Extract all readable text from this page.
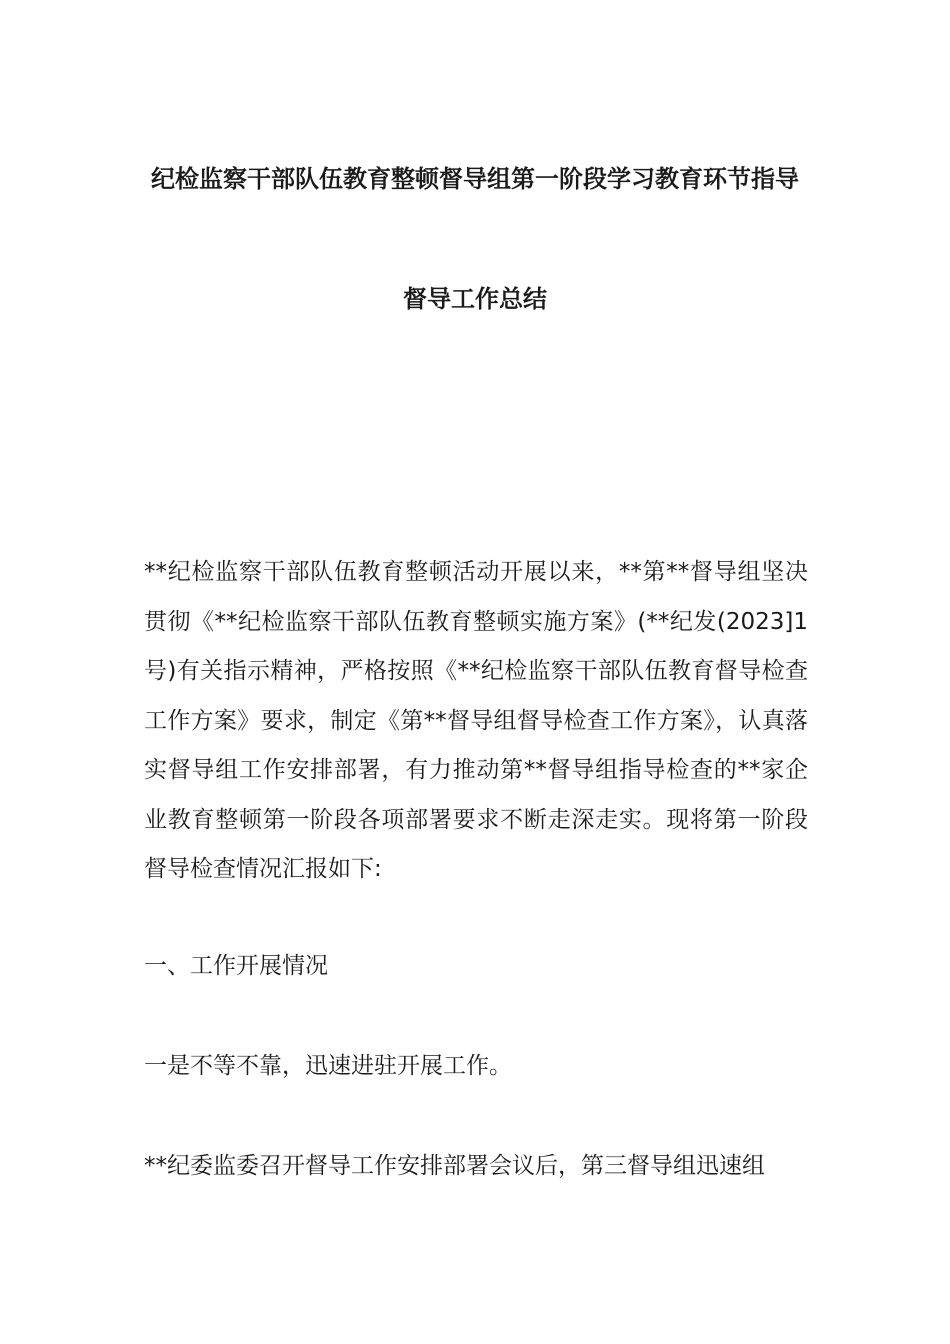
纪检监察干部队伍教育整顿督导组第一阶段学习教育环节指导
督导工作总结

**纪检监察干部队伍教育整顿活动开展以来，**第**督导组坚决贯彻《**纪检监察干部队伍教育整顿实施方案》(**纪发(2023]1号)有关指示精神，严格按照《**纪检监察干部队伍教育督导检查工作方案》要求，制定《第**督导组督导检查工作方案》，认真落实督导组工作安排部署，有力推动第**督导组指导检查的**家企业教育整顿第一阶段各项部署要求不断走深走实。现将第一阶段督导检查情况汇报如下:

一、工作开展情况

一是不等不靠，迅速进驻开展工作。

**纪委监委召开督导工作安排部署会议后，第三督导组迅速组
